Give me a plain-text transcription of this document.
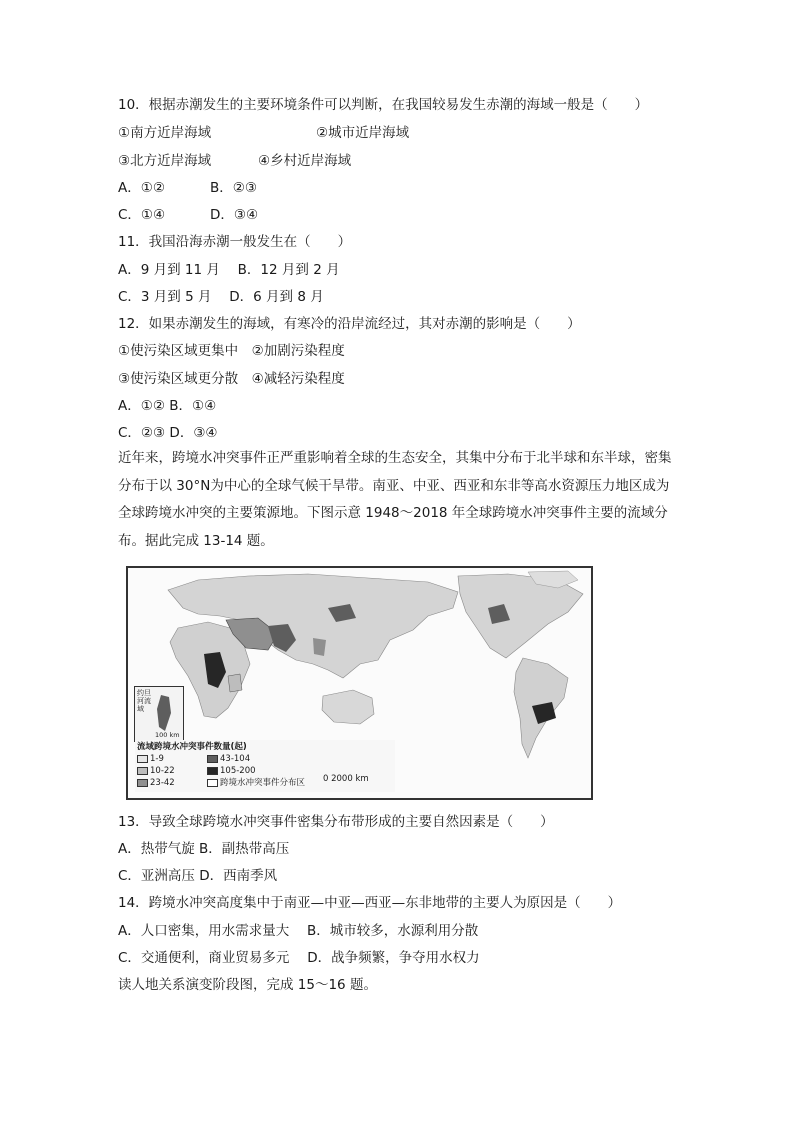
10．根据赤潮发生的主要环境条件可以判断，在我国较易发生赤潮的海域一般是（　　）
①南方近岸海域	②城市近岸海域
③北方近岸海域	④乡村近岸海域
A．①②	B．②③
C．①④	D．③④
11．我国沿海赤潮一般发生在（　　）
A．9 月到 11 月　 B．12 月到 2 月
C．3 月到 5 月　 D．6 月到 8 月
12．如果赤潮发生的海域，有寒冷的沿岸流经过，其对赤潮的影响是（　　）
①使污染区域更集中　②加剧污染程度
③使污染区域更分散　④减轻污染程度
A．①② B．①④
C．②③ D．③④
近年来，跨境水冲突事件正严重影响着全球的生态安全，其集中分布于北半球和东半球，密集分布于以 30°N为中心的全球气候干旱带。南亚、中亚、西亚和东非等高水资源压力地区成为全球跨境水冲突的主要策源地。下图示意 1948～2018 年全球跨境水冲突事件主要的流域分布。据此完成 13-14 题。
约旦河流域
100 km
流域跨境水冲突事件数量(起)
1-9
10-22
23-42
43-104
105-200
跨境水冲突事件分布区 0 2000 km
13．导致全球跨境水冲突事件密集分布带形成的主要自然因素是（　　）
A．热带气旋 B．副热带高压
C．亚洲高压 D．西南季风
14．跨境水冲突高度集中于南亚—中亚—西亚—东非地带的主要人为原因是（　　）
A．人口密集，用水需求量大　 B．城市较多，水源利用分散
C．交通便利，商业贸易多元　 D．战争频繁，争夺用水权力
读人地关系演变阶段图，完成 15～16 题。
